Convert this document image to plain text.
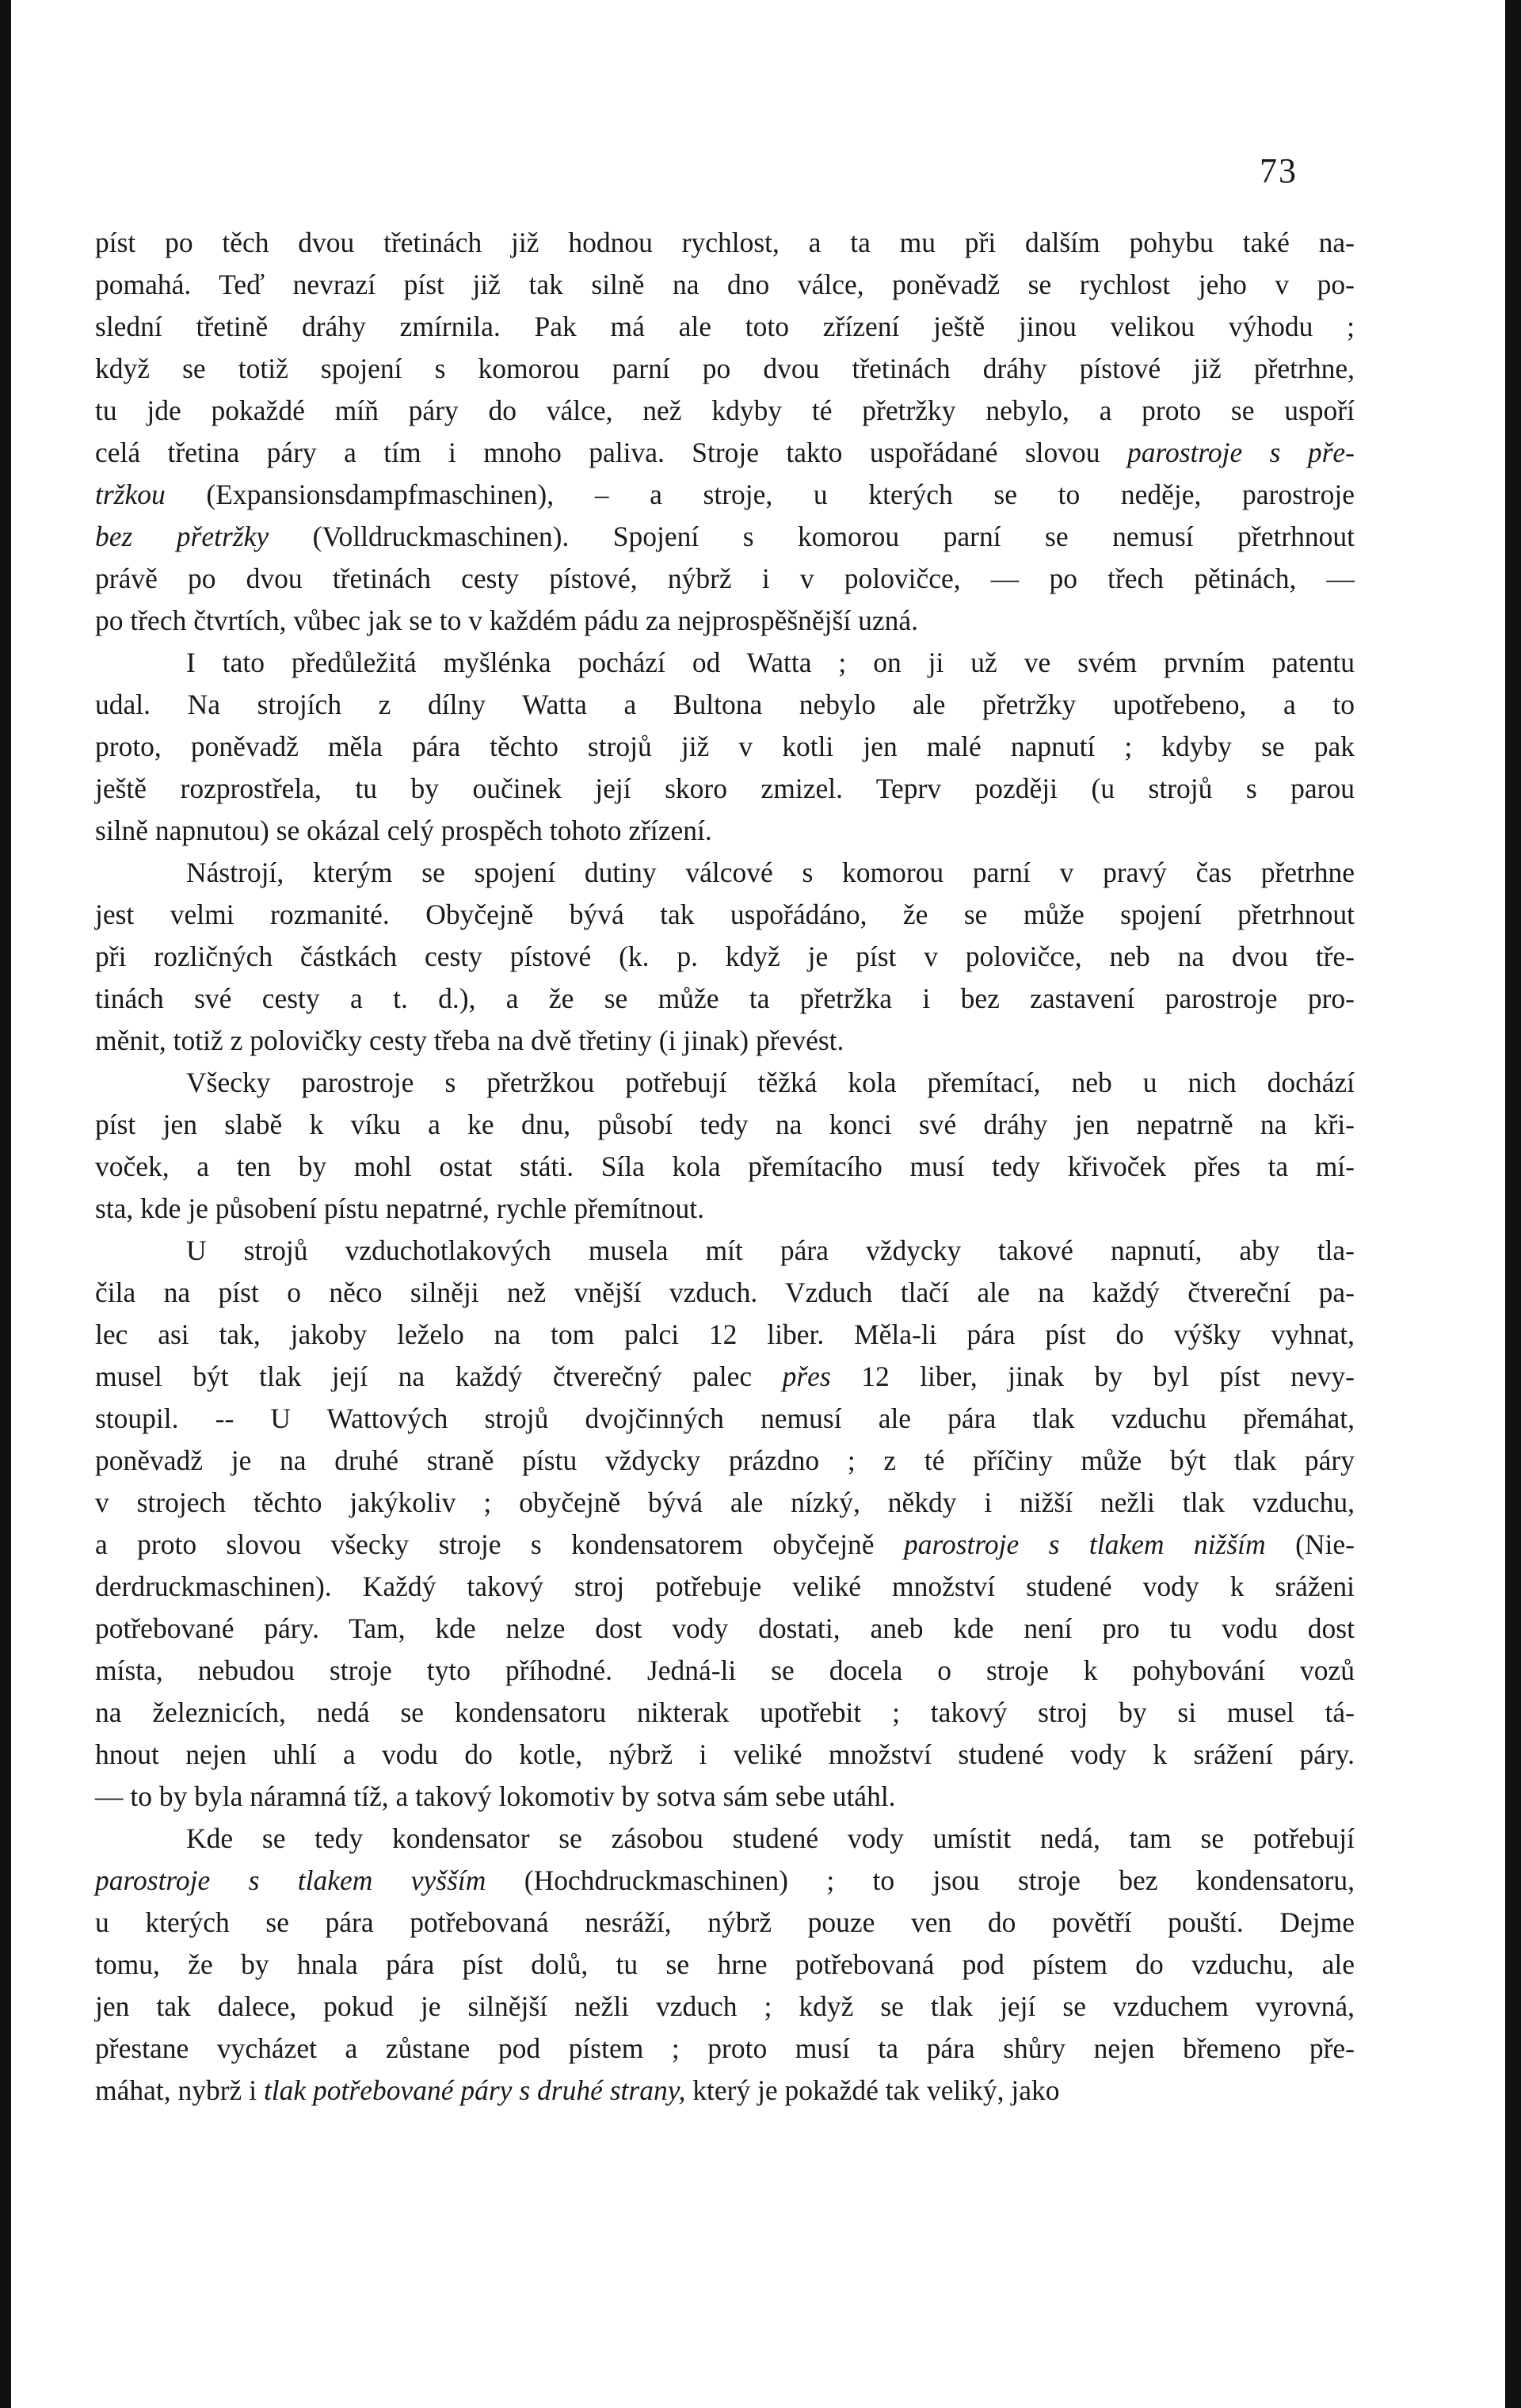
73
píst po těch dvou třetinách již hodnou rychlost, a ta mu při dalším pohybu také na-
pomahá. Teď nevrazí píst již tak silně na dno válce, poněvadž se rychlost jeho v po-
slední třetině dráhy zmírnila. Pak má ale toto zřízení ještě jinou velikou výhodu ;
když se totiž spojení s komorou parní po dvou třetinách dráhy pístové již přetrhne,
tu jde pokaždé míň páry do válce, než kdyby té přetržky nebylo, a proto se uspoří
celá třetina páry a tím i mnoho paliva. Stroje takto uspořádané slovou parostroje s pře-
tržkou (Expansionsdampfmaschinen), – a stroje, u kterých se to neděje, parostroje
bez přetržky (Volldruckmaschinen). Spojení s komorou parní se nemusí přetrhnout
právě po dvou třetinách cesty pístové, nýbrž i v polovičce, — po třech pětinách, —
po třech čtvrtích, vůbec jak se to v každém pádu za nejprospěšnější uzná.
I tato předůležitá myšlénka pochází od Watta ; on ji už ve svém prvním patentu
udal. Na strojích z dílny Watta a Bultona nebylo ale přetržky upotřebeno, a to
proto, poněvadž měla pára těchto strojů již v kotli jen malé napnutí ; kdyby se pak
ještě rozprostřela, tu by oučinek její skoro zmizel. Teprv později (u strojů s parou
silně napnutou) se okázal celý prospěch tohoto zřízení.
Nástrojí, kterým se spojení dutiny válcové s komorou parní v pravý čas přetrhne
jest velmi rozmanité. Obyčejně bývá tak uspořádáno, že se může spojení přetrhnout
při rozličných částkách cesty pístové (k. p. když je píst v polovičce, neb na dvou tře-
tinách své cesty a t. d.), a že se může ta přetržka i bez zastavení parostroje pro-
měnit, totiž z polovičky cesty třeba na dvě třetiny (i jinak) převést.
Všecky parostroje s přetržkou potřebují těžká kola přemítací, neb u nich dochází
píst jen slabě k víku a ke dnu, působí tedy na konci své dráhy jen nepatrně na kři-
voček, a ten by mohl ostat státi. Síla kola přemítacího musí tedy křivoček přes ta mí-
sta, kde je působení pístu nepatrné, rychle přemítnout.
U strojů vzduchotlakových musela mít pára vždycky takové napnutí, aby tla-
čila na píst o něco silněji než vnější vzduch. Vzduch tlačí ale na každý čtvereční pa-
lec asi tak, jakoby leželo na tom palci 12 liber. Měla-li pára píst do výšky vyhnat,
musel být tlak její na každý čtverečný palec přes 12 liber, jinak by byl píst nevy-
stoupil. -- U Wattových strojů dvojčinných nemusí ale pára tlak vzduchu přemáhat,
poněvadž je na druhé straně pístu vždycky prázdno ; z té příčiny může být tlak páry
v strojech těchto jakýkoliv ; obyčejně bývá ale nízký, někdy i nižší nežli tlak vzduchu,
a proto slovou všecky stroje s kondensatorem obyčejně parostroje s tlakem nižším (Nie-
derdruckmaschinen). Každý takový stroj potřebuje veliké množství studené vody k sráženi
potřebované páry. Tam, kde nelze dost vody dostati, aneb kde není pro tu vodu dost
místa, nebudou stroje tyto příhodné. Jedná-li se docela o stroje k pohybování vozů
na železnicích, nedá se kondensatoru nikterak upotřebit ; takový stroj by si musel tá-
hnout nejen uhlí a vodu do kotle, nýbrž i veliké množství studené vody k srážení páry.
— to by byla náramná tíž, a takový lokomotiv by sotva sám sebe utáhl.
Kde se tedy kondensator se zásobou studené vody umístit nedá, tam se potřebují
parostroje s tlakem vyšším (Hochdruckmaschinen) ; to jsou stroje bez kondensatoru,
u kterých se pára potřebovaná nesráží, nýbrž pouze ven do povětří pouští. Dejme
tomu, že by hnala pára píst dolů, tu se hrne potřebovaná pod pístem do vzduchu, ale
jen tak dalece, pokud je silnější nežli vzduch ; když se tlak její se vzduchem vyrovná,
přestane vycházet a zůstane pod pístem ; proto musí ta pára shůry nejen břemeno pře-
máhat, nybrž i tlak potřebované páry s druhé strany, který je pokaždé tak veliký, jako
